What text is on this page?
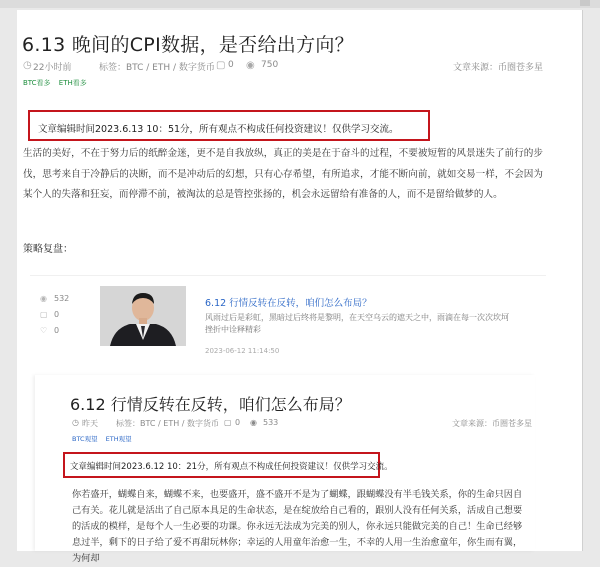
6.13 晚间的CPI数据，是否给出方向？
◷ 22小时前	标签：BTC / ETH / 数字货币 ▢ 0 ◉ 750	文章来源：币圈苍多星
BTC看多 ETH看多
文章编辑时间2023.6.13 10：51分，所有观点不构成任何投资建议！仅供学习交流。
生活的美好，不在于努力后的纸醉金迷，更不是自我放纵，真正的美是在于奋斗的过程，不要被短暂的风景迷失了前行的步伐，思考来自于冷静后的决断，而不是冲动后的幻想，只有心存希望，有所追求，才能不断向前，就如交易一样，不会因为某个人的失落和狂妄，而停滞不前，被淘汰的总是管控张扬的，机会永远留给有准备的人，而不是留给做梦的人。
策略复盘：
◉ 532
▢ 0
♡ 0
6.12 行情反转在反转，咱们怎么布局？
风雨过后是彩虹，黑暗过后终将是黎明，在天空乌云的遮天之中，雨滴在每一次次坎坷挫折中诠释精彩
2023-06-12 11:14:50
6.12 行情反转在反转，咱们怎么布局？
◷ 昨天 标签：BTC / ETH / 数字货币 ▢ 0 ◉ 533	文章来源：币圈苍多星
BTC观望 ETH观望
文章编辑时间2023.6.12 10：21分，所有观点不构成任何投资建议！仅供学习交流。
你若盛开，蝴蝶自来，蝴蝶不来，也要盛开，盛不盛开不是为了蝴蝶，跟蝴蝶没有半毛钱关系，你的生命只因自己有关。花儿就是活出了自己原本具足的生命状态，是在绽放给自己看的，跟别人没有任何关系，活成自己想要的活成的模样，是每个人一生必要的功课。你永远无法成为完美的别人，你永远只能做完美的自己！生命已经够息过半，剩下的日子给了爱不再甜玩林你；幸运的人用童年治愈一生，不幸的人用一生治愈童年，你生而有翼，为何却
